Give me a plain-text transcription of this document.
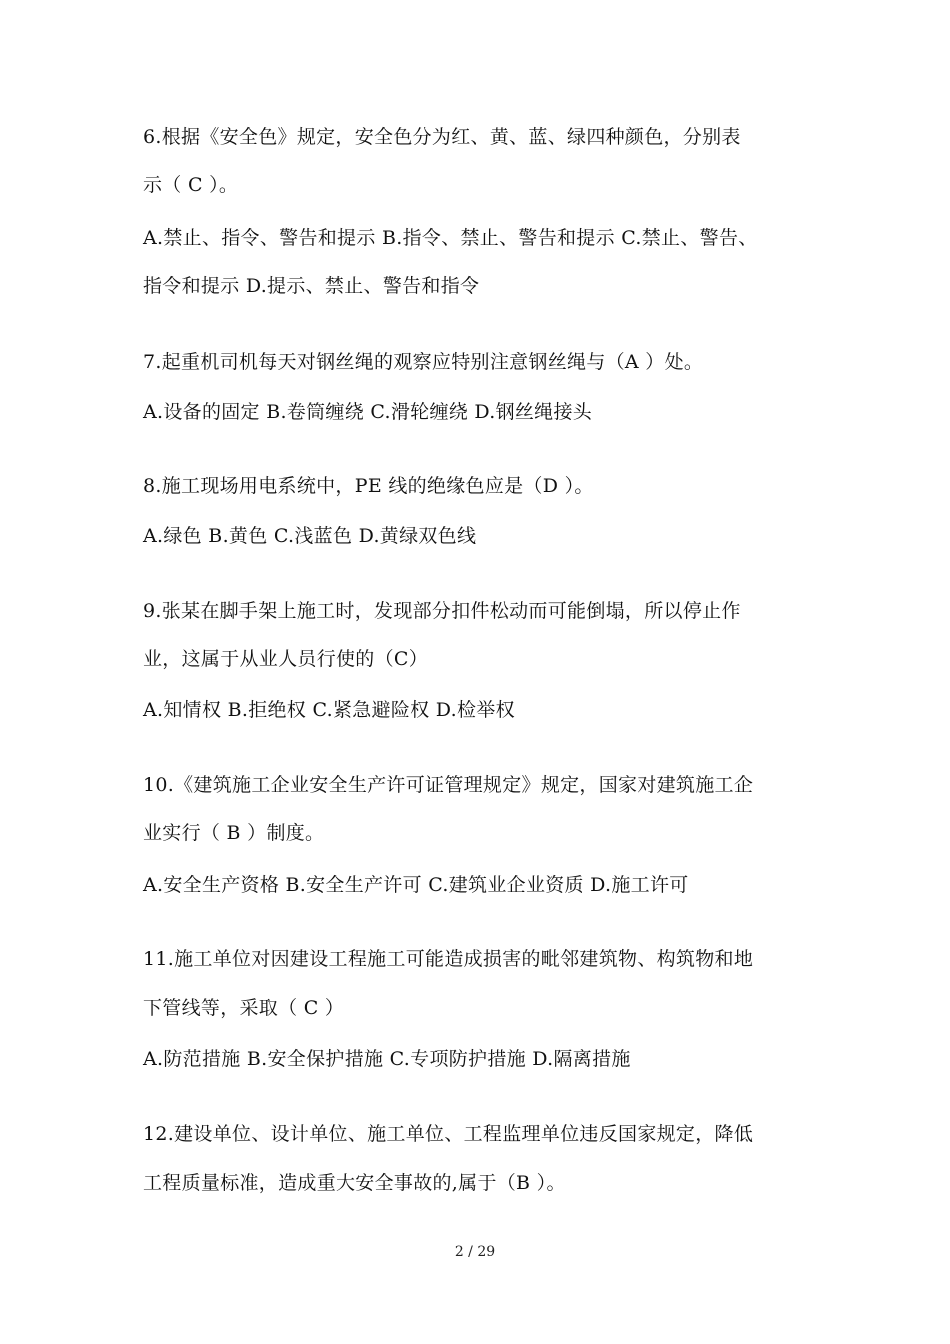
6.根据《安全色》规定，安全色分为红、黄、蓝、绿四种颜色，分别表
示（ C ）。
A.禁止、指令、警告和提示 B.指令、禁止、警告和提示 C.禁止、警告、
指令和提示 D.提示、禁止、警告和指令
7.起重机司机每天对钢丝绳的观察应特别注意钢丝绳与（A ）处。
A.设备的固定 B.卷筒缠绕 C.滑轮缠绕 D.钢丝绳接头
8.施工现场用电系统中，PE 线的绝缘色应是（D ）。
A.绿色 B.黄色 C.浅蓝色 D.黄绿双色线
9.张某在脚手架上施工时，发现部分扣件松动而可能倒塌，所以停止作
业，这属于从业人员行使的（C）
A.知情权 B.拒绝权 C.紧急避险权 D.检举权
10.《建筑施工企业安全生产许可证管理规定》规定，国家对建筑施工企
业实行（ B ）制度。
A.安全生产资格 B.安全生产许可 C.建筑业企业资质 D.施工许可
11.施工单位对因建设工程施工可能造成损害的毗邻建筑物、构筑物和地
下管线等，采取（ C ）
A.防范措施 B.安全保护措施 C.专项防护措施 D.隔离措施
12.建设单位、设计单位、施工单位、工程监理单位违反国家规定，降低
工程质量标准，造成重大安全事故的,属于（B ）。
2 / 29
